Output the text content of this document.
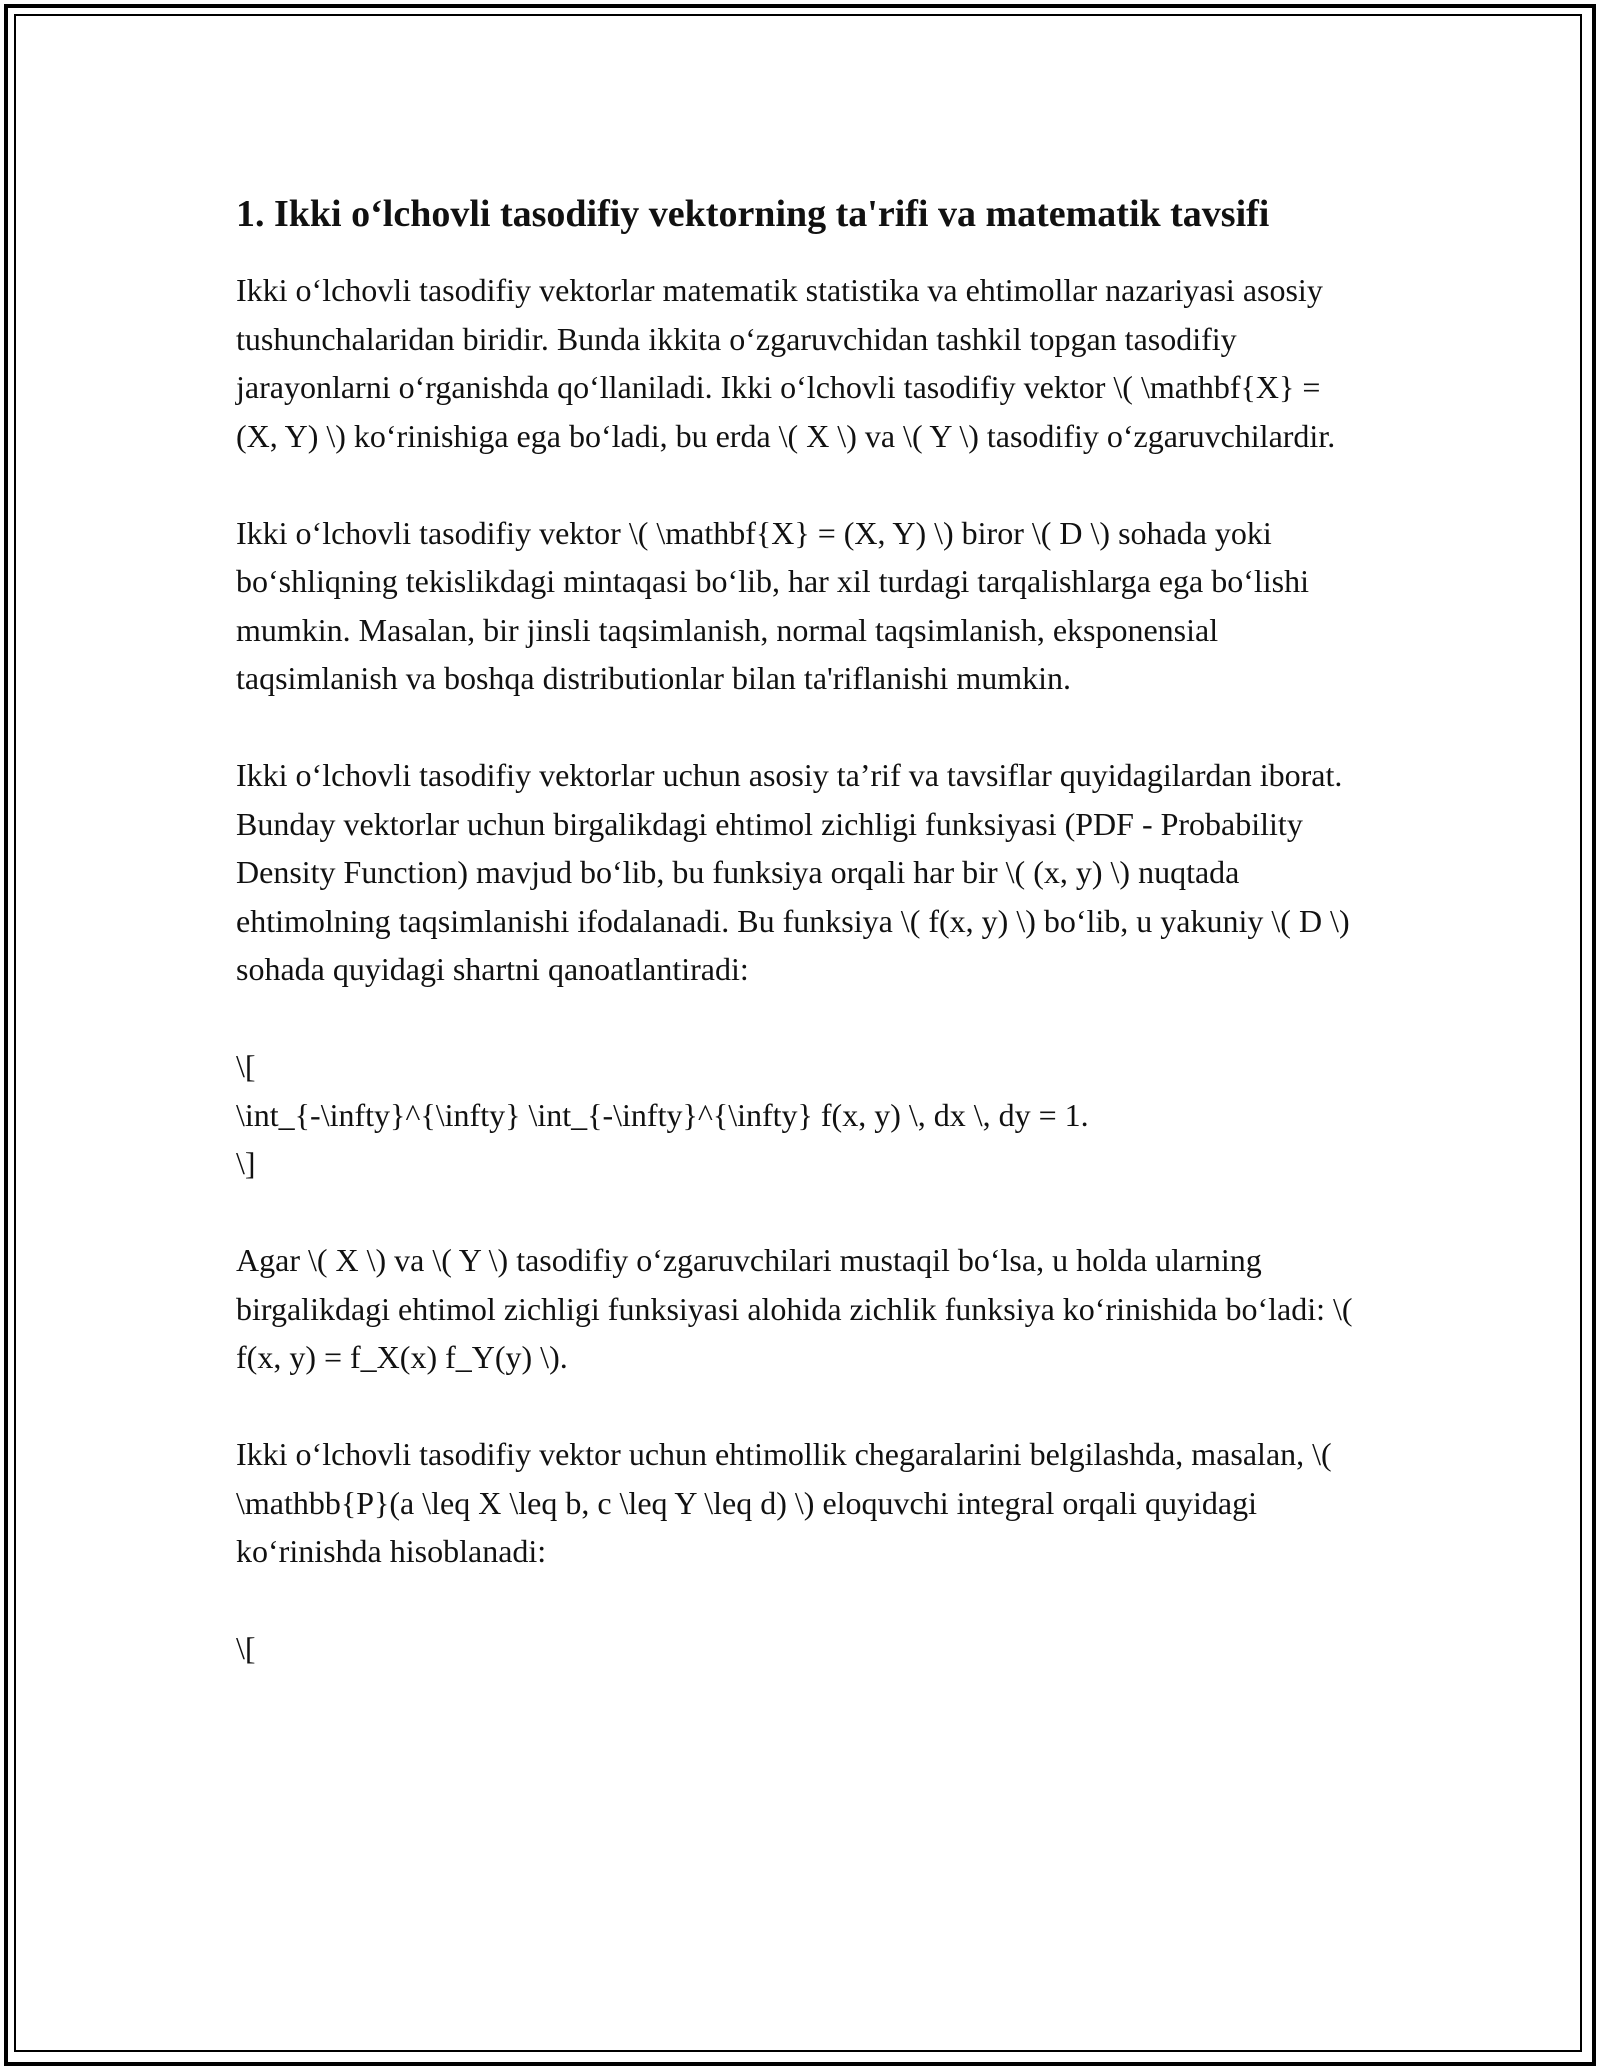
1. Ikki o‘lchovli tasodifiy vektorning ta'rifi va matematik tavsifi

Ikki o‘lchovli tasodifiy vektorlar matematik statistika va ehtimollar nazariyasi asosiy tushunchalaridan biridir. Bunda ikkita o‘zgaruvchidan tashkil topgan tasodifiy jarayonlarni o‘rganishda qo‘llaniladi. Ikki o‘lchovli tasodifiy vektor \( \mathbf{X} = (X, Y) \) ko‘rinishiga ega bo‘ladi, bu erda \( X \) va \( Y \) tasodifiy o‘zgaruvchilardir.

Ikki o‘lchovli tasodifiy vektor \( \mathbf{X} = (X, Y) \) biror \( D \) sohada yoki bo‘shliqning tekislikdagi mintaqasi bo‘lib, har xil turdagi tarqalishlarga ega bo‘lishi mumkin. Masalan, bir jinsli taqsimlanish, normal taqsimlanish, eksponensial taqsimlanish va boshqa distributionlar bilan ta'riflanishi mumkin.

Ikki o‘lchovli tasodifiy vektorlar uchun asosiy ta’rif va tavsiflar quyidagilardan iborat. Bunday vektorlar uchun birgalikdagi ehtimol zichligi funksiyasi (PDF - Probability Density Function) mavjud bo‘lib, bu funksiya orqali har bir \( (x, y) \) nuqtada ehtimolning taqsimlanishi ifodalanadi. Bu funksiya \( f(x, y) \) bo‘lib, u yakuniy \( D \) sohada quyidagi shartni qanoatlantiradi:

\[
\int_{-\infty}^{\infty} \int_{-\infty}^{\infty} f(x, y) \, dx \, dy = 1.
\]

Agar \( X \) va \( Y \) tasodifiy o‘zgaruvchilari mustaqil bo‘lsa, u holda ularning birgalikdagi ehtimol zichligi funksiyasi alohida zichlik funksiya ko‘rinishida bo‘ladi: \( f(x, y) = f_X(x) f_Y(y) \).

Ikki o‘lchovli tasodifiy vektor uchun ehtimollik chegaralarini belgilashda, masalan, \( \mathbb{P}(a \leq X \leq b, c \leq Y \leq d) \) eloquvchi integral orqali quyidagi ko‘rinishda hisoblanadi:

\[
